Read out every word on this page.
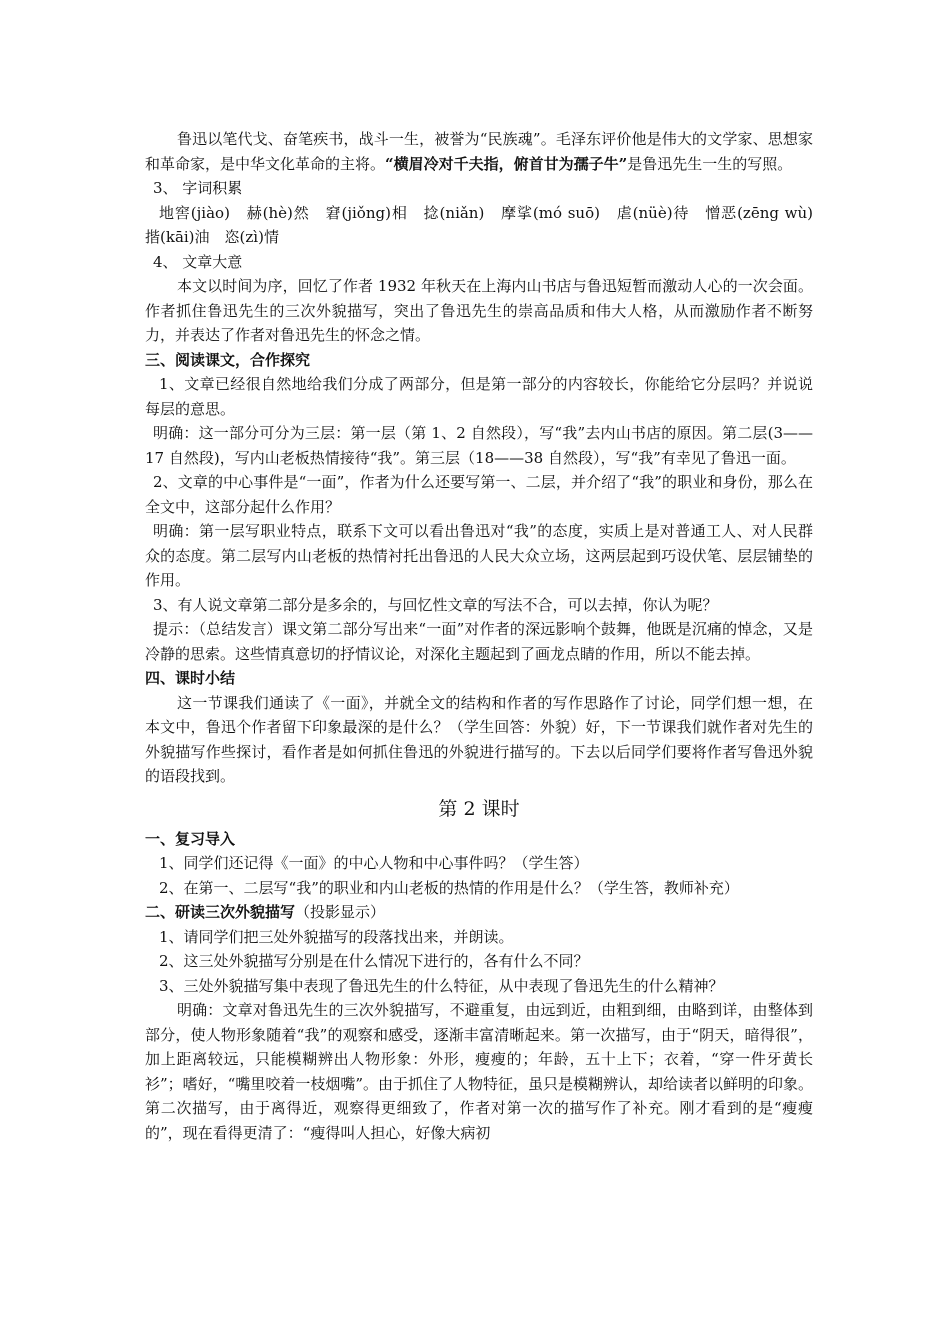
鲁迅以笔代戈、奋笔疾书，战斗一生，被誉为“民族魂”。毛泽东评价他是伟大的文学家、思想家和革命家，是中华文化革命的主将。“横眉冷对千夫指，俯首甘为孺子牛”是鲁迅先生一生的写照。

3、 字词积累

地窖(jiào)　赫(hè)然　窘(jiǒng)相　捻(niǎn)　摩挲(mó suō)　虐(nüè)待　憎恶(zēng wù)　揩(kāi)油　恣(zì)情

4、 文章大意

本文以时间为序，回忆了作者 1932 年秋天在上海内山书店与鲁迅短暂而激动人心的一次会面。作者抓住鲁迅先生的三次外貌描写，突出了鲁迅先生的崇高品质和伟大人格，从而激励作者不断努力，并表达了作者对鲁迅先生的怀念之情。

三、阅读课文，合作探究

1、文章已经很自然地给我们分成了两部分，但是第一部分的内容较长，你能给它分层吗？并说说每层的意思。

明确：这一部分可分为三层：第一层（第 1、2 自然段），写“我”去内山书店的原因。第二层(3——17 自然段)，写内山老板热情接待“我”。第三层（18——38 自然段），写“我”有幸见了鲁迅一面。

2、文章的中心事件是“一面”，作者为什么还要写第一、二层，并介绍了“我”的职业和身份，那么在全文中，这部分起什么作用？

明确：第一层写职业特点，联系下文可以看出鲁迅对“我”的态度，实质上是对普通工人、对人民群众的态度。第二层写内山老板的热情衬托出鲁迅的人民大众立场，这两层起到巧设伏笔、层层铺垫的作用。

3、有人说文章第二部分是多余的，与回忆性文章的写法不合，可以去掉，你认为呢？

提示：（总结发言）课文第二部分写出来“一面”对作者的深远影响个鼓舞，他既是沉痛的悼念，又是冷静的思索。这些情真意切的抒情议论，对深化主题起到了画龙点睛的作用，所以不能去掉。

四、课时小结

这一节课我们通读了《一面》，并就全文的结构和作者的写作思路作了讨论，同学们想一想，在本文中，鲁迅个作者留下印象最深的是什么？（学生回答：外貌）好，下一节课我们就作者对先生的外貌描写作些探讨，看作者是如何抓住鲁迅的外貌进行描写的。下去以后同学们要将作者写鲁迅外貌的语段找到。

第 2 课时

一、复习导入

1、同学们还记得《一面》的中心人物和中心事件吗？（学生答）

2、在第一、二层写“我”的职业和内山老板的热情的作用是什么？（学生答，教师补充）

二、研读三次外貌描写（投影显示）

1、请同学们把三处外貌描写的段落找出来，并朗读。

2、这三处外貌描写分别是在什么情况下进行的，各有什么不同？

3、三处外貌描写集中表现了鲁迅先生的什么特征，从中表现了鲁迅先生的什么精神？

明确：文章对鲁迅先生的三次外貌描写，不避重复，由远到近，由粗到细，由略到详，由整体到部分，使人物形象随着“我”的观察和感受，逐渐丰富清晰起来。第一次描写，由于“阴天，暗得很”，加上距离较远，只能模糊辨出人物形象：外形，瘦瘦的；年龄，五十上下；衣着，“穿一件牙黄长衫”；嗜好，“嘴里咬着一枝烟嘴”。由于抓住了人物特征，虽只是模糊辨认，却给读者以鲜明的印象。第二次描写，由于离得近，观察得更细致了，作者对第一次的描写作了补充。刚才看到的是“瘦瘦的”，现在看得更清了：“瘦得叫人担心，好像大病初
